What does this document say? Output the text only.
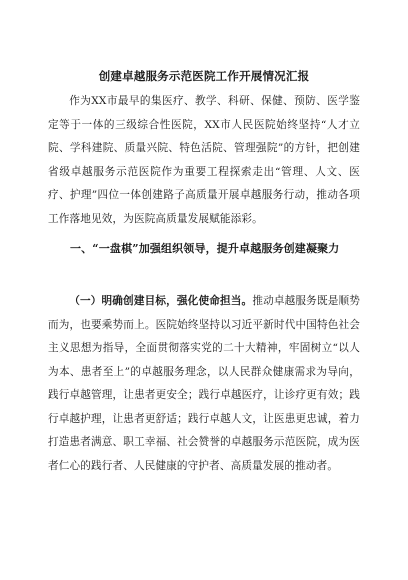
创建卓越服务示范医院工作开展情况汇报

作为XX市最早的集医疗、教学、科研、保健、预防、医学鉴定等于一体的三级综合性医院，XX市人民医院始终坚持“人才立院、学科建院、质量兴院、特色活院、管理强院”的方针，把创建省级卓越服务示范医院作为重要工程探索走出“管理、人文、医疗、护理”四位一体创建路子高质量开展卓越服务行动，推动各项工作落地见效，为医院高质量发展赋能添彩。

一、“一盘棋”加强组织领导，提升卓越服务创建凝聚力

（一）明确创建目标，强化使命担当。推动卓越服务既是顺势而为，也要乘势而上。医院始终坚持以习近平新时代中国特色社会主义思想为指导，全面贯彻落实党的二十大精神，牢固树立“以人为本、患者至上”的卓越服务理念，以人民群众健康需求为导向，践行卓越管理，让患者更安全；践行卓越医疗，让诊疗更有效；践行卓越护理，让患者更舒适；践行卓越人文，让医患更忠诚，着力打造患者满意、职工幸福、社会赞誉的卓越服务示范医院，成为医者仁心的践行者、人民健康的守护者、高质量发展的推动者。
